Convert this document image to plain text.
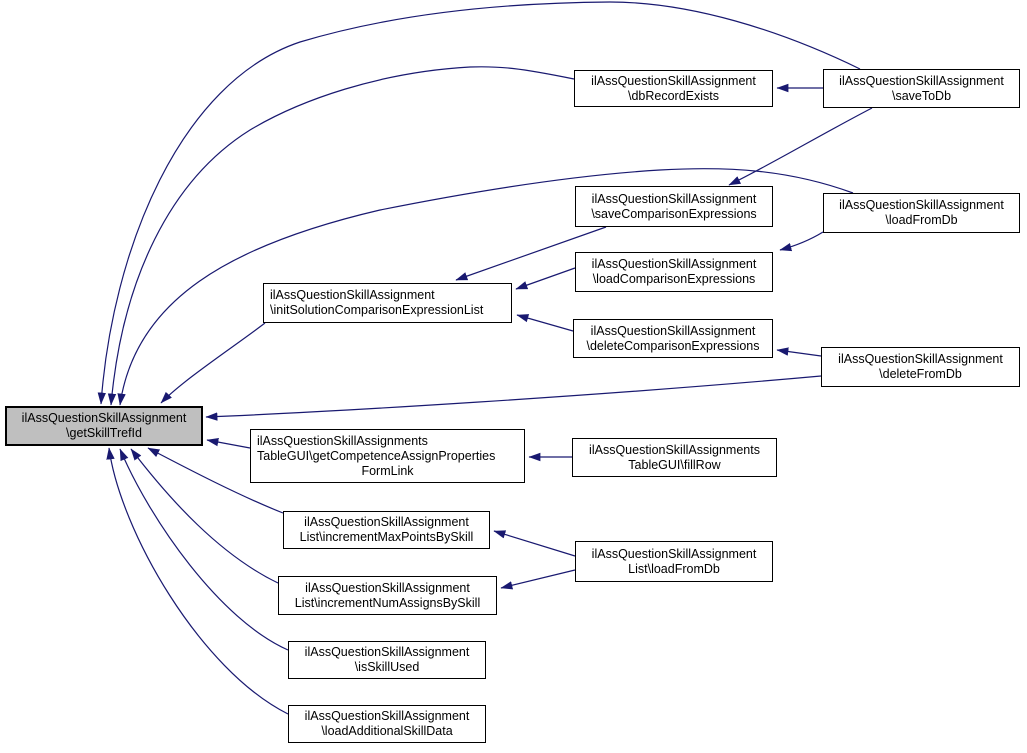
ilAssQuestionSkillAssignment
\getSkillTrefId
ilAssQuestionSkillAssignment
\dbRecordExists
ilAssQuestionSkillAssignment
\saveToDb
ilAssQuestionSkillAssignment
\saveComparisonExpressions
ilAssQuestionSkillAssignment
\loadFromDb
ilAssQuestionSkillAssignment
\loadComparisonExpressions
ilAssQuestionSkillAssignment
\initSolutionComparisonExpressionList
ilAssQuestionSkillAssignment
\deleteComparisonExpressions
ilAssQuestionSkillAssignment
\deleteFromDb
ilAssQuestionSkillAssignments
TableGUI\getCompetenceAssignProperties
FormLink
ilAssQuestionSkillAssignments
TableGUI\fillRow
ilAssQuestionSkillAssignment
List\incrementMaxPointsBySkill
ilAssQuestionSkillAssignment
List\loadFromDb
ilAssQuestionSkillAssignment
List\incrementNumAssignsBySkill
ilAssQuestionSkillAssignment
\isSkillUsed
ilAssQuestionSkillAssignment
\loadAdditionalSkillData
